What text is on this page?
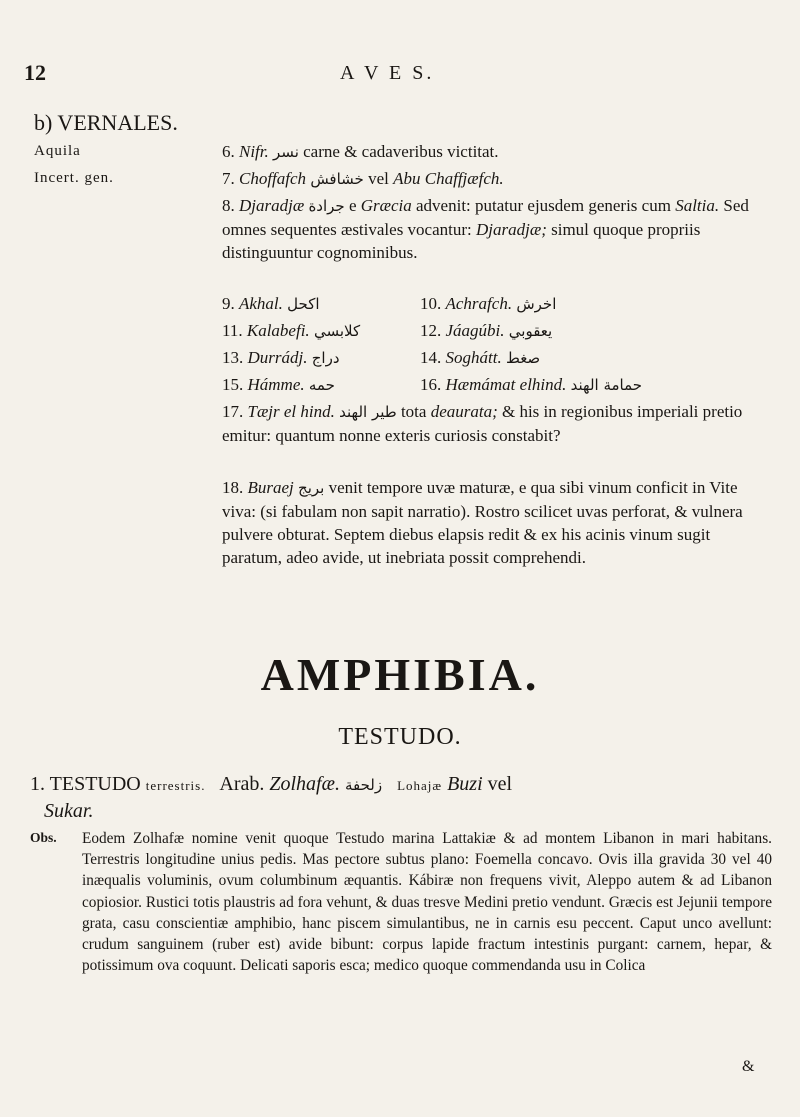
12	A V E S.
b) VERNALES.
Aquila
Incert. gen.
6. Nifr. نسر carne & cadaveribus victitat.
7. Choffafch خشافش vel Abu Chaffjæfch.
8. Djaradjæ جرادة e Græcia advenit: putatur ejusdem generis cum Saltia. Sed omnes sequentes æstivales vocantur: Djaradjæ; simul quoque propriis distinguuntur cognominibus.
9. Akhal. اكحل	10. Achrafch. اخرش
11. Kalabefi. كلابسي	12. Jáagúbi. يعقوبي
13. Durrádj. دراج	14. Soghátt. صغط
15. Hámme. حمه	16. Hæmámat elhind. حمامة الهند
17. Tæjr el hind. طير الهند tota deaurata; & his in regionibus imperiali pretio emitur: quantum nonne exteris curiosis constabit?
18. Buraej بريج venit tempore uvæ maturæ, e qua sibi vinum conficit in Vite viva: (si fabulam non sapit narratio). Rostro scilicet uvas perforat, & vulnera pulvere obturat. Septem diebus elapsis redit & ex his acinis vinum sugit paratum, adeo avide, ut inebriata possit comprehendi.
AMPHIBIA.
TESTUDO.
1. TESTUDO terrestris. Arab. Zolhafæ. زلحفة Lohajæ Buzi vel
Sukar.
Obs. Eodem Zolhafæ nomine venit quoque Testudo marina Lattakiæ & ad montem Libanon in mari habitans. Terrestris longitudine unius pedis. Mas pectore subtus plano: Foemella concavo. Ovis illa gravida 30 vel 40 inæqualis voluminis, ovum columbinum æquantis. Kábiræ non frequens vivit, Aleppo autem & ad Libanon copiosior. Rustici totis plaustris ad fora vehunt, & duas tresve Medini pretio vendunt. Græcis est Jejunii tempore grata, casu conscientiæ amphibio, hanc piscem simulantibus, ne in carnis esu peccent. Caput unco avellunt: crudum sanguinem (ruber est) avide bibunt: corpus lapide fractum intestinis purgant: carnem, hepar, & potissimum ova coquunt. Delicati saporis esca; medico quoque commendanda usu in Colica
&
